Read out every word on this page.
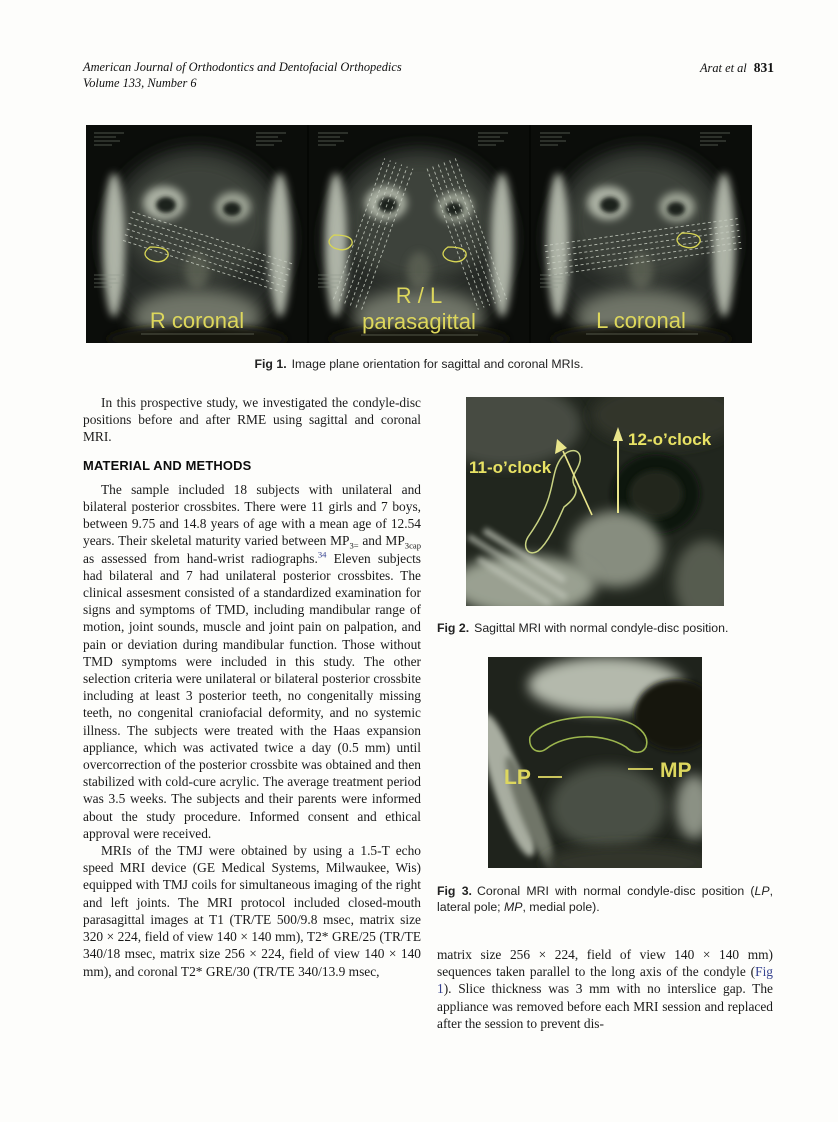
American Journal of Orthodontics and Dentofacial Orthopedics
Volume 133, Number 6
Arat et al 831
R coronal
R / L
parasagittal	L coronal
Fig 1. Image plane orientation for sagittal and coronal MRIs.

In this prospective study, we investigated the condyle-disc positions before and after RME using sagittal and coronal MRI.

MATERIAL AND METHODS

The sample included 18 subjects with unilateral and bilateral posterior crossbites. There were 11 girls and 7 boys, between 9.75 and 14.8 years of age with a mean age of 12.54 years. Their skeletal maturity varied between $MP_{3=}$ and $MP_{3cap}$ as assessed from hand-wrist radiographs.$^{34}$ Eleven subjects had bilateral and 7 had unilateral posterior crossbites. The clinical assesment consisted of a standardized examination for signs and symptoms of TMD, including mandibular range of motion, joint sounds, muscle and joint pain on palpation, and pain or deviation during mandibular function. Those without TMD symptoms were included in this study. The other selection criteria were unilateral or bilateral posterior crossbite including at least 3 posterior teeth, no congenitally missing teeth, no congenital craniofacial deformity, and no systemic illness. The subjects were treated with the Haas expansion appliance, which was activated twice a day (0.5 mm) until overcorrection of the posterior crossbite was obtained and then stabilized with cold-cure acrylic. The average treatment period was 3.5 weeks. The subjects and their parents were informed about the study procedure. Informed consent and ethical approval were received.

MRIs of the TMJ were obtained by using a 1.5-T echo speed MRI device (GE Medical Systems, Milwaukee, Wis) equipped with TMJ coils for simultaneous imaging of the right and left joints. The MRI protocol included closed-mouth parasagittal images at T1 (TR/TE 500/9.8 msec, matrix size 320 × 224, field of view 140 × 140 mm), T2* GRE/25 (TR/TE 340/18 msec, matrix size 256 × 224, field of view 140 × 140 mm), and coronal T2* GRE/30 (TR/TE 340/13.9 msec,

12-o’clock
11-o’clock
Fig 2. Sagittal MRI with normal condyle-disc position.
LP	MP
Fig 3. Coronal MRI with normal condyle-disc position (LP, lateral pole; MP, medial pole).

matrix size 256 × 224, field of view 140 × 140 mm) sequences taken parallel to the long axis of the condyle (Fig 1). Slice thickness was 3 mm with no interslice gap. The appliance was removed before each MRI session and replaced after the session to prevent dis-
